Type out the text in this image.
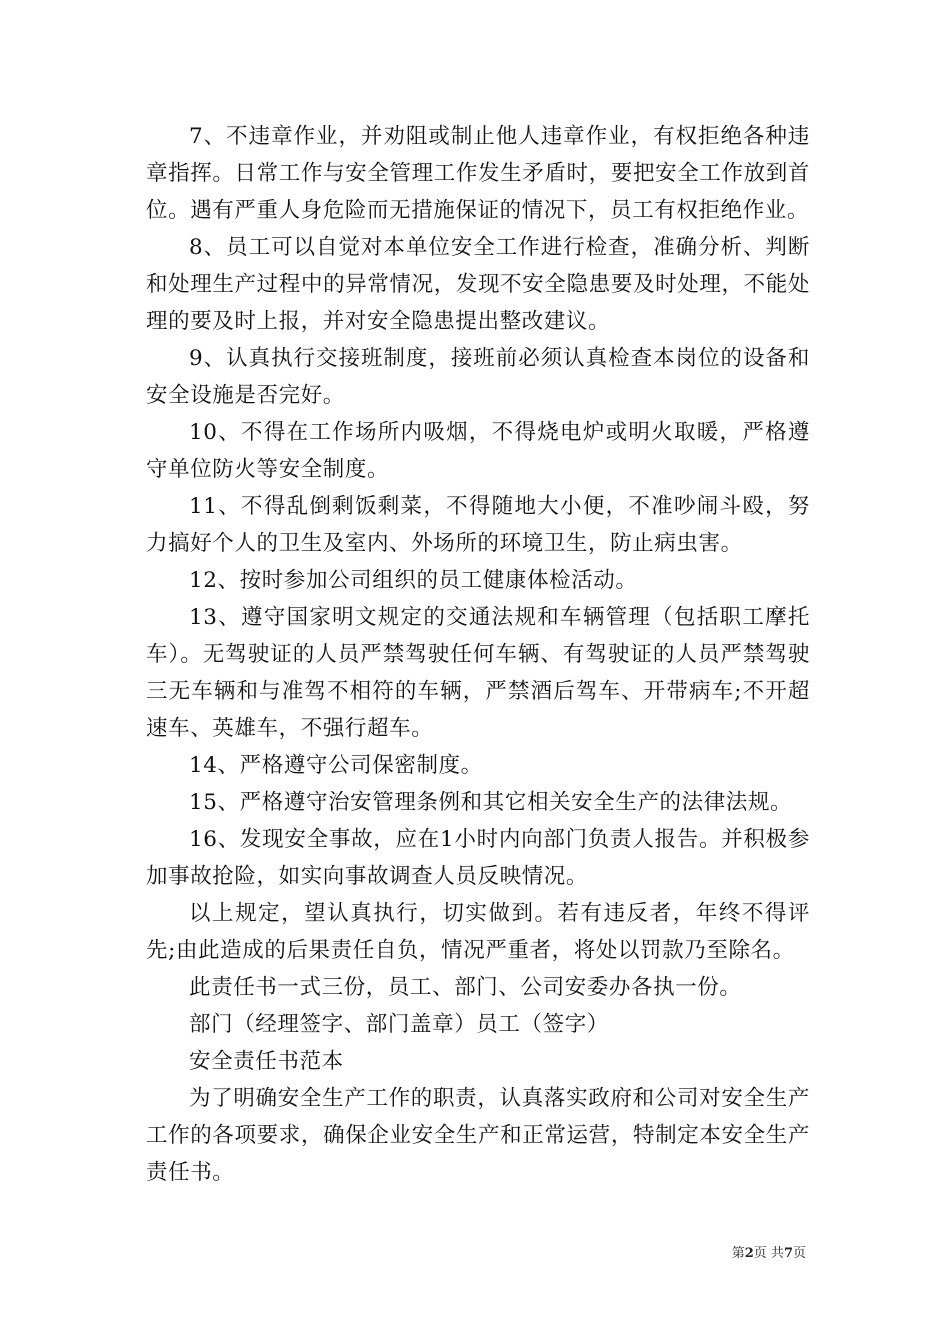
7、不违章作业，并劝阻或制止他人违章作业，有权拒绝各种违章指挥。日常工作与安全管理工作发生矛盾时，要把安全工作放到首位。遇有严重人身危险而无措施保证的情况下，员工有权拒绝作业。

8、员工可以自觉对本单位安全工作进行检查，准确分析、判断和处理生产过程中的异常情况，发现不安全隐患要及时处理，不能处理的要及时上报，并对安全隐患提出整改建议。

9、认真执行交接班制度，接班前必须认真检查本岗位的设备和安全设施是否完好。

10、不得在工作场所内吸烟，不得烧电炉或明火取暖，严格遵守单位防火等安全制度。

11、不得乱倒剩饭剩菜，不得随地大小便，不准吵闹斗殴，努力搞好个人的卫生及室内、外场所的环境卫生，防止病虫害。

12、按时参加公司组织的员工健康体检活动。

13、遵守国家明文规定的交通法规和车辆管理（包括职工摩托车）。无驾驶证的人员严禁驾驶任何车辆、有驾驶证的人员严禁驾驶三无车辆和与准驾不相符的车辆，严禁酒后驾车、开带病车;不开超速车、英雄车，不强行超车。

14、严格遵守公司保密制度。

15、严格遵守治安管理条例和其它相关安全生产的法律法规。

16、发现安全事故，应在1小时内向部门负责人报告。并积极参加事故抢险，如实向事故调查人员反映情况。

以上规定，望认真执行，切实做到。若有违反者，年终不得评先;由此造成的后果责任自负，情况严重者，将处以罚款乃至除名。

此责任书一式三份，员工、部门、公司安委办各执一份。

部门（经理签字、部门盖章）员工（签字）

安全责任书范本

为了明确安全生产工作的职责，认真落实政府和公司对安全生产工作的各项要求，确保企业安全生产和正常运营，特制定本安全生产责任书。

第2页 共7页
